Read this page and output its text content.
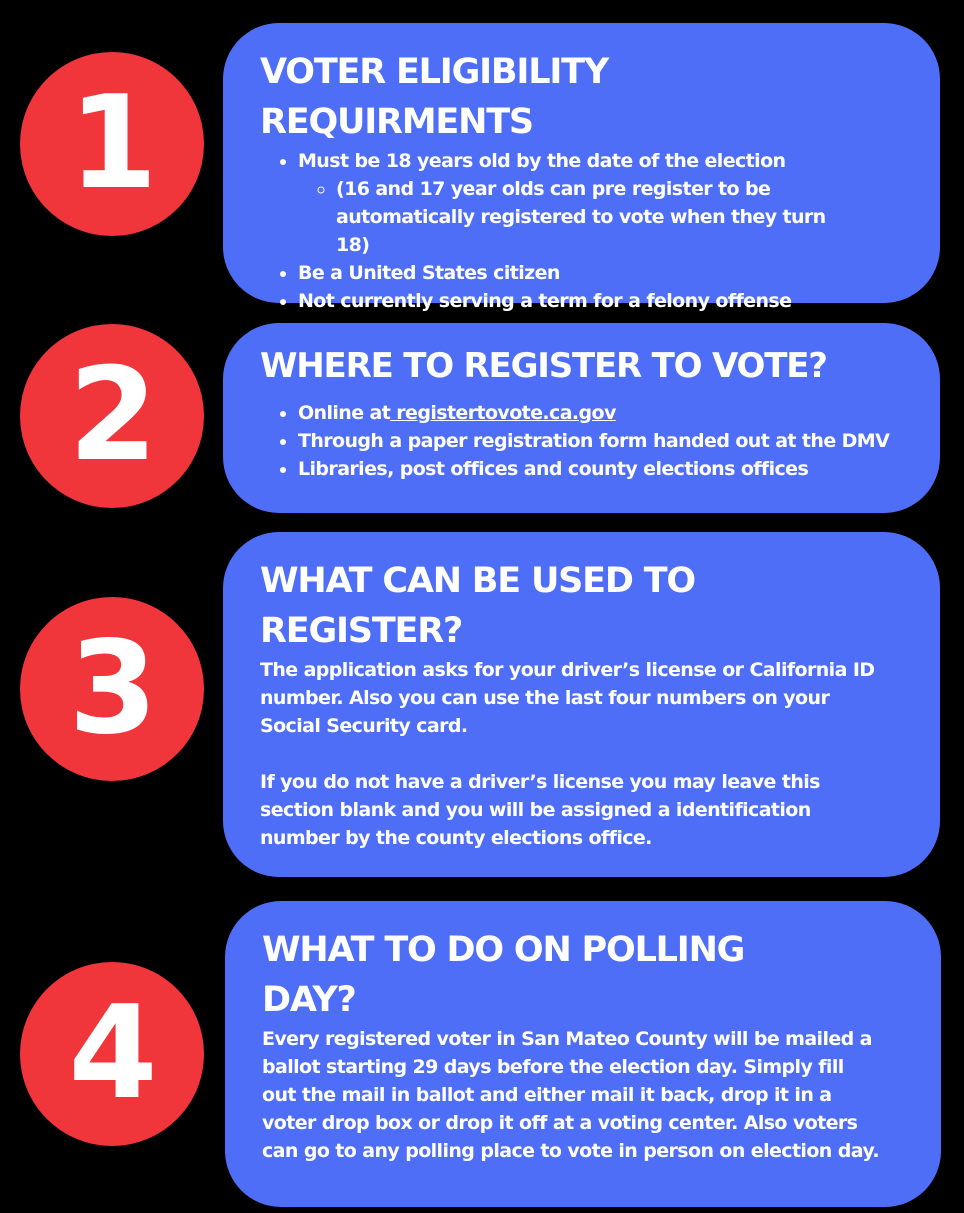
1	VOTER ELIGIBILITY
REQUIRMENTS
• Must be 18 years old by the date of the election
◦ (16 and 17 year olds can pre register to be automatically registered to vote when they turn 18)
• Be a United States citizen
• Not currently serving a term for a felony offense
2	WHERE TO REGISTER TO VOTE?
• Online at registertovote.ca.gov
• Through a paper registration form handed out at the DMV
• Libraries, post offices and county elections offices
3
WHAT CAN BE USED TO
REGISTER?

The application asks for your driver’s license or California ID number. Also you can use the last four numbers on your Social Security card.

If you do not have a driver’s license you may leave this section blank and you will be assigned a identification number by the county elections office.

4
WHAT TO DO ON POLLING
DAY?

Every registered voter in San Mateo County will be mailed a ballot starting 29 days before the election day. Simply fill out the mail in ballot and either mail it back, drop it in a voter drop box or drop it off at a voting center. Also voters can go to any polling place to vote in person on election day.
